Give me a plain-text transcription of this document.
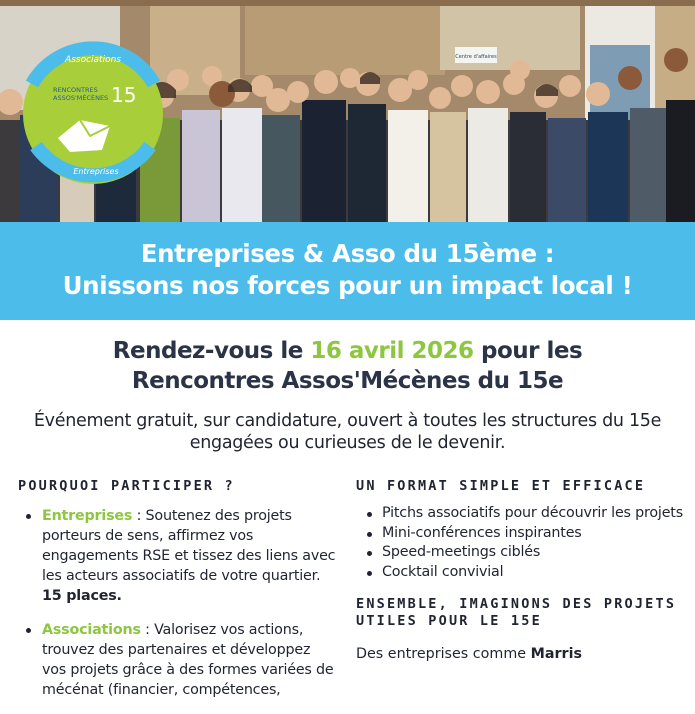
Centre d'affaires
Associations
RENCONTRES
ASSOS'MÉCÈNES 15
Entreprises
Entreprises & Asso du 15ème :
Unissons nos forces pour un impact local !
Rendez-vous le 16 avril 2026 pour les
Rencontres Assos'Mécènes du 15e
Événement gratuit, sur candidature, ouvert à toutes les structures du 15e engagées ou curieuses de le devenir.
POURQUOI PARTICIPER ?
Entreprises : Soutenez des projets porteurs de sens, affirmez vos engagements RSE et tissez des liens avec les acteurs associatifs de votre quartier. 15 places.
Associations : Valorisez vos actions, trouvez des partenaires et développez vos projets grâce à des formes variées de mécénat (financier, compétences,
UN FORMAT SIMPLE ET EFFICACE
Pitchs associatifs pour découvrir les projets
Mini-conférences inspirantes
Speed-meetings ciblés
Cocktail convivial
ENSEMBLE, IMAGINONS DES PROJETS UTILES POUR LE 15E
Des entreprises comme Marris
